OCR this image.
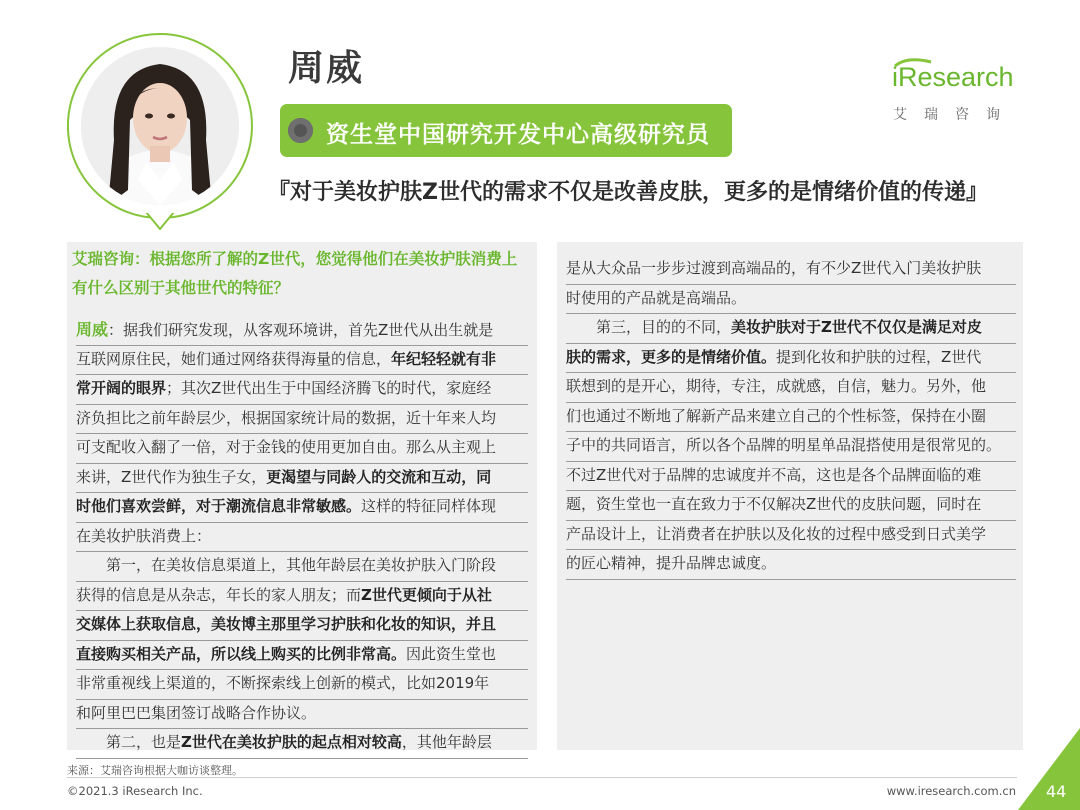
周威
资生堂中国研究开发中心高级研究员
『对于美妆护肤Z世代的需求不仅是改善皮肤，更多的是情绪价值的传递』
iResearch
艾瑞咨询
艾瑞咨询：根据您所了解的Z世代，您觉得他们在美妆护肤消费上有什么区别于其他世代的特征？
周威：据我们研究发现，从客观环境讲，首先Z世代从出生就是
互联网原住民，她们通过网络获得海量的信息，年纪轻轻就有非
常开阔的眼界；其次Z世代出生于中国经济腾飞的时代，家庭经
济负担比之前年龄层少，根据国家统计局的数据，近十年来人均
可支配收入翻了一倍，对于金钱的使用更加自由。那么从主观上
来讲，Z世代作为独生子女，更渴望与同龄人的交流和互动，同
时他们喜欢尝鲜，对于潮流信息非常敏感。这样的特征同样体现
在美妆护肤消费上：
　　第一，在美妆信息渠道上，其他年龄层在美妆护肤入门阶段
获得的信息是从杂志，年长的家人朋友；而Z世代更倾向于从社
交媒体上获取信息，美妆博主那里学习护肤和化妆的知识，并且
直接购买相关产品，所以线上购买的比例非常高。因此资生堂也
非常重视线上渠道的，不断探索线上创新的模式，比如2019年
和阿里巴巴集团签订战略合作协议。
　　第二，也是Z世代在美妆护肤的起点相对较高，其他年龄层
是从大众品一步步过渡到高端品的，有不少Z世代入门美妆护肤
时使用的产品就是高端品。
　　第三，目的的不同，美妆护肤对于Z世代不仅仅是满足对皮
肤的需求，更多的是情绪价值。提到化妆和护肤的过程，Z世代
联想到的是开心，期待，专注，成就感，自信，魅力。另外，他
们也通过不断地了解新产品来建立自己的个性标签，保持在小圈
子中的共同语言，所以各个品牌的明星单品混搭使用是很常见的。
不过Z世代对于品牌的忠诚度并不高，这也是各个品牌面临的难
题，资生堂也一直在致力于不仅解决Z世代的皮肤问题，同时在
产品设计上，让消费者在护肤以及化妆的过程中感受到日式美学
的匠心精神，提升品牌忠诚度。
来源：艾瑞咨询根据大咖访谈整理。
©2021.3 iResearch Inc.	www.iresearch.com.cn 44
